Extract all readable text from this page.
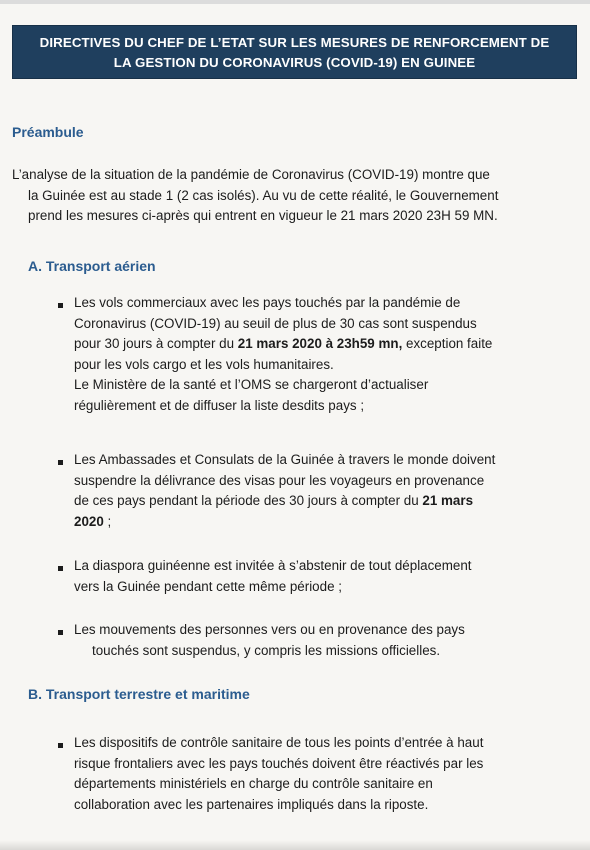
DIRECTIVES DU CHEF DE L’ETAT SUR LES MESURES DE RENFORCEMENT DE
LA GESTION DU CORONAVIRUS (COVID-19) EN GUINEE
Préambule
L’analyse de la situation de la pandémie de Coronavirus (COVID-19) montre que
la Guinée est au stade 1 (2 cas isolés). Au vu de cette réalité, le Gouvernement
prend les mesures ci-après qui entrent en vigueur le 21 mars 2020 23H 59 MN.
A. Transport aérien
Les vols commerciaux avec les pays touchés par la pandémie de
Coronavirus (COVID-19) au seuil de plus de 30 cas sont suspendus
pour 30 jours à compter du 21 mars 2020 à 23h59 mn, exception faite
pour les vols cargo et les vols humanitaires.
Le Ministère de la santé et l’OMS se chargeront d’actualiser
régulièrement et de diffuser la liste desdits pays ;
Les Ambassades et Consulats de la Guinée à travers le monde doivent
suspendre la délivrance des visas pour les voyageurs en provenance
de ces pays pendant la période des 30 jours à compter du 21 mars
2020 ;
La diaspora guinéenne est invitée à s’abstenir de tout déplacement
vers la Guinée pendant cette même période ;
Les mouvements des personnes vers ou en provenance des pays
touchés sont suspendus, y compris les missions officielles.
B. Transport terrestre et maritime
Les dispositifs de contrôle sanitaire de tous les points d’entrée à haut
risque frontaliers avec les pays touchés doivent être réactivés par les
départements ministériels en charge du contrôle sanitaire en
collaboration avec les partenaires impliqués dans la riposte.
